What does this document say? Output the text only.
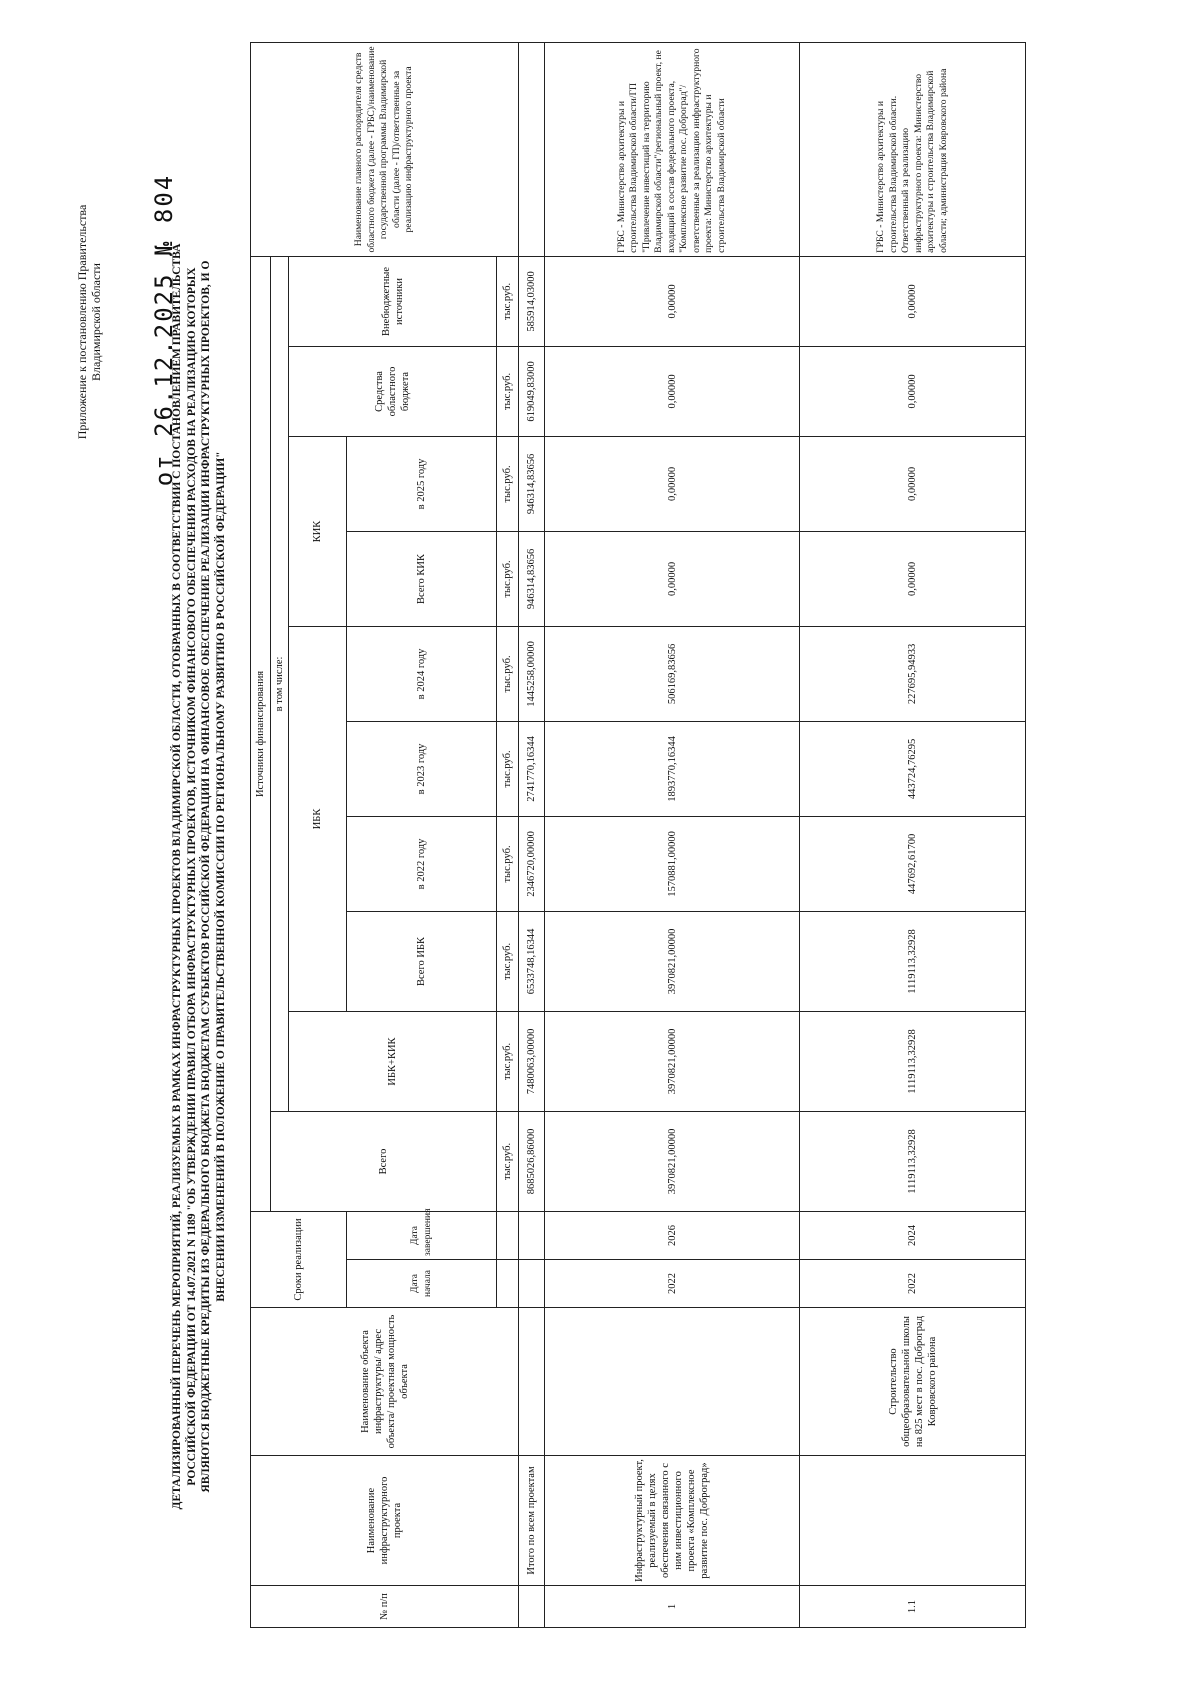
Приложение к постановлению Правительства Владимирской области от 26.12.2025 № 804
ДЕТАЛИЗИРОВАННЫЙ ПЕРЕЧЕНЬ МЕРОПРИЯТИЙ, РЕАЛИЗУЕМЫХ В РАМКАХ ИНФРАСТРУКТУРНЫХ ПРОЕКТОВ ВЛАДИМИРСКОЙ ОБЛАСТИ, ОТОБРАННЫХ В СООТВЕТСТВИИ С ПОСТАНОВЛЕНИЕМ ПРАВИТЕЛЬСТВА РОССИЙСКОЙ ФЕДЕРАЦИИ ОТ 14.07.2021 N 1189 "ОБ УТВЕРЖДЕНИИ ПРАВИЛ ОТБОРА ИНФРАСТРУКТУРНЫХ ПРОЕКТОВ, ИСТОЧНИКОМ ФИНАНСОВОГО ОБЕСПЕЧЕНИЯ РАСХОДОВ НА РЕАЛИЗАЦИЮ КОТОРЫХ ЯВЛЯЮТСЯ БЮДЖЕТНЫЕ КРЕДИТЫ ИЗ ФЕДЕРАЛЬНОГО БЮДЖЕТА БЮДЖЕТАМ СУБЪЕКТОВ РОССИЙСКОЙ ФЕДЕРАЦИИ НА ФИНАНСОВОЕ ОБЕСПЕЧЕНИЕ РЕАЛИЗАЦИИ ИНФРАСТРУКТУРНЫХ ПРОЕКТОВ, И О ВНЕСЕНИИ ИЗМЕНЕНИЙ В ПОЛОЖЕНИЕ О ПРАВИТЕЛЬСТВЕННОЙ КОМИССИИ ПО РЕГИОНАЛЬНОМУ РАЗВИТИЮ В РОССИЙСКОЙ ФЕДЕРАЦИИ"
№ п/п	Наименование инфраструктурного проекта	Наименование объекта инфраструктуры/ адрес объекта/ проектная мощность объекта	Сроки реализации		Источники финансирования										Наименование главного распорядителя средств областного бюджета (далее - ГРБС)/наименование государственной программы Владимирской области (далее - ГП)/ответственные за реализацию инфраструктурного проекта
					Всего	в том числе:									
						ИБК+КИК	ИБК				КИК		Средства областного бюджета	Внебюджетные источники	
			Дата начала	Дата завершения			Всего ИБК	в 2022 году	в 2023 году	в 2024 году	Всего КИК	в 2025 году			
					тыс.руб.	тыс.руб.	тыс.руб.	тыс.руб.	тыс.руб.	тыс.руб.	тыс.руб.	тыс.руб.	тыс.руб.	тыс.руб.	
	Итого по всем проектам				8685026,86000	7480063,00000	6533748,16344	2346720,00000	2741770,16344	1445258,00000	946314,83656	946314,83656	619049,83000	585914,03000	
1	Инфраструктурный проект, реализуемый в целях обеспечения связанного с ним инвестиционного проекта «Комплексное развитие пос. Доброград»		2022	2026	3970821,00000	3970821,00000	3970821,00000	1570881,00000	1893770,16344	506169,83656	0,00000	0,00000	0,00000	0,00000	ГРБС - Министерство архитектуры и строительства Владимирской области/ГП "Привлечение инвестиций на территорию Владимирской области"/региональный проект, не входящий в состав федерального проекта, "Комплексное развитие пос. Доброград"/ответственные за реализацию инфраструктурного проекта: Министерство архитектуры и строительства Владимирской области
1.1		Строительство общеобразовательной школы на 825 мест в пос. Доброград Ковровского района	2022	2024	1119113,32928	1119113,32928	1119113,32928	447692,61700	443724,76295	227695,94933	0,00000	0,00000	0,00000	0,00000	ГРБС - Министерство архитектуры и строительства Владимирской области. Ответственный за реализацию инфраструктурного проекта: Министерство архитектуры и строительства Владимирской области; администрация Ковровского района
